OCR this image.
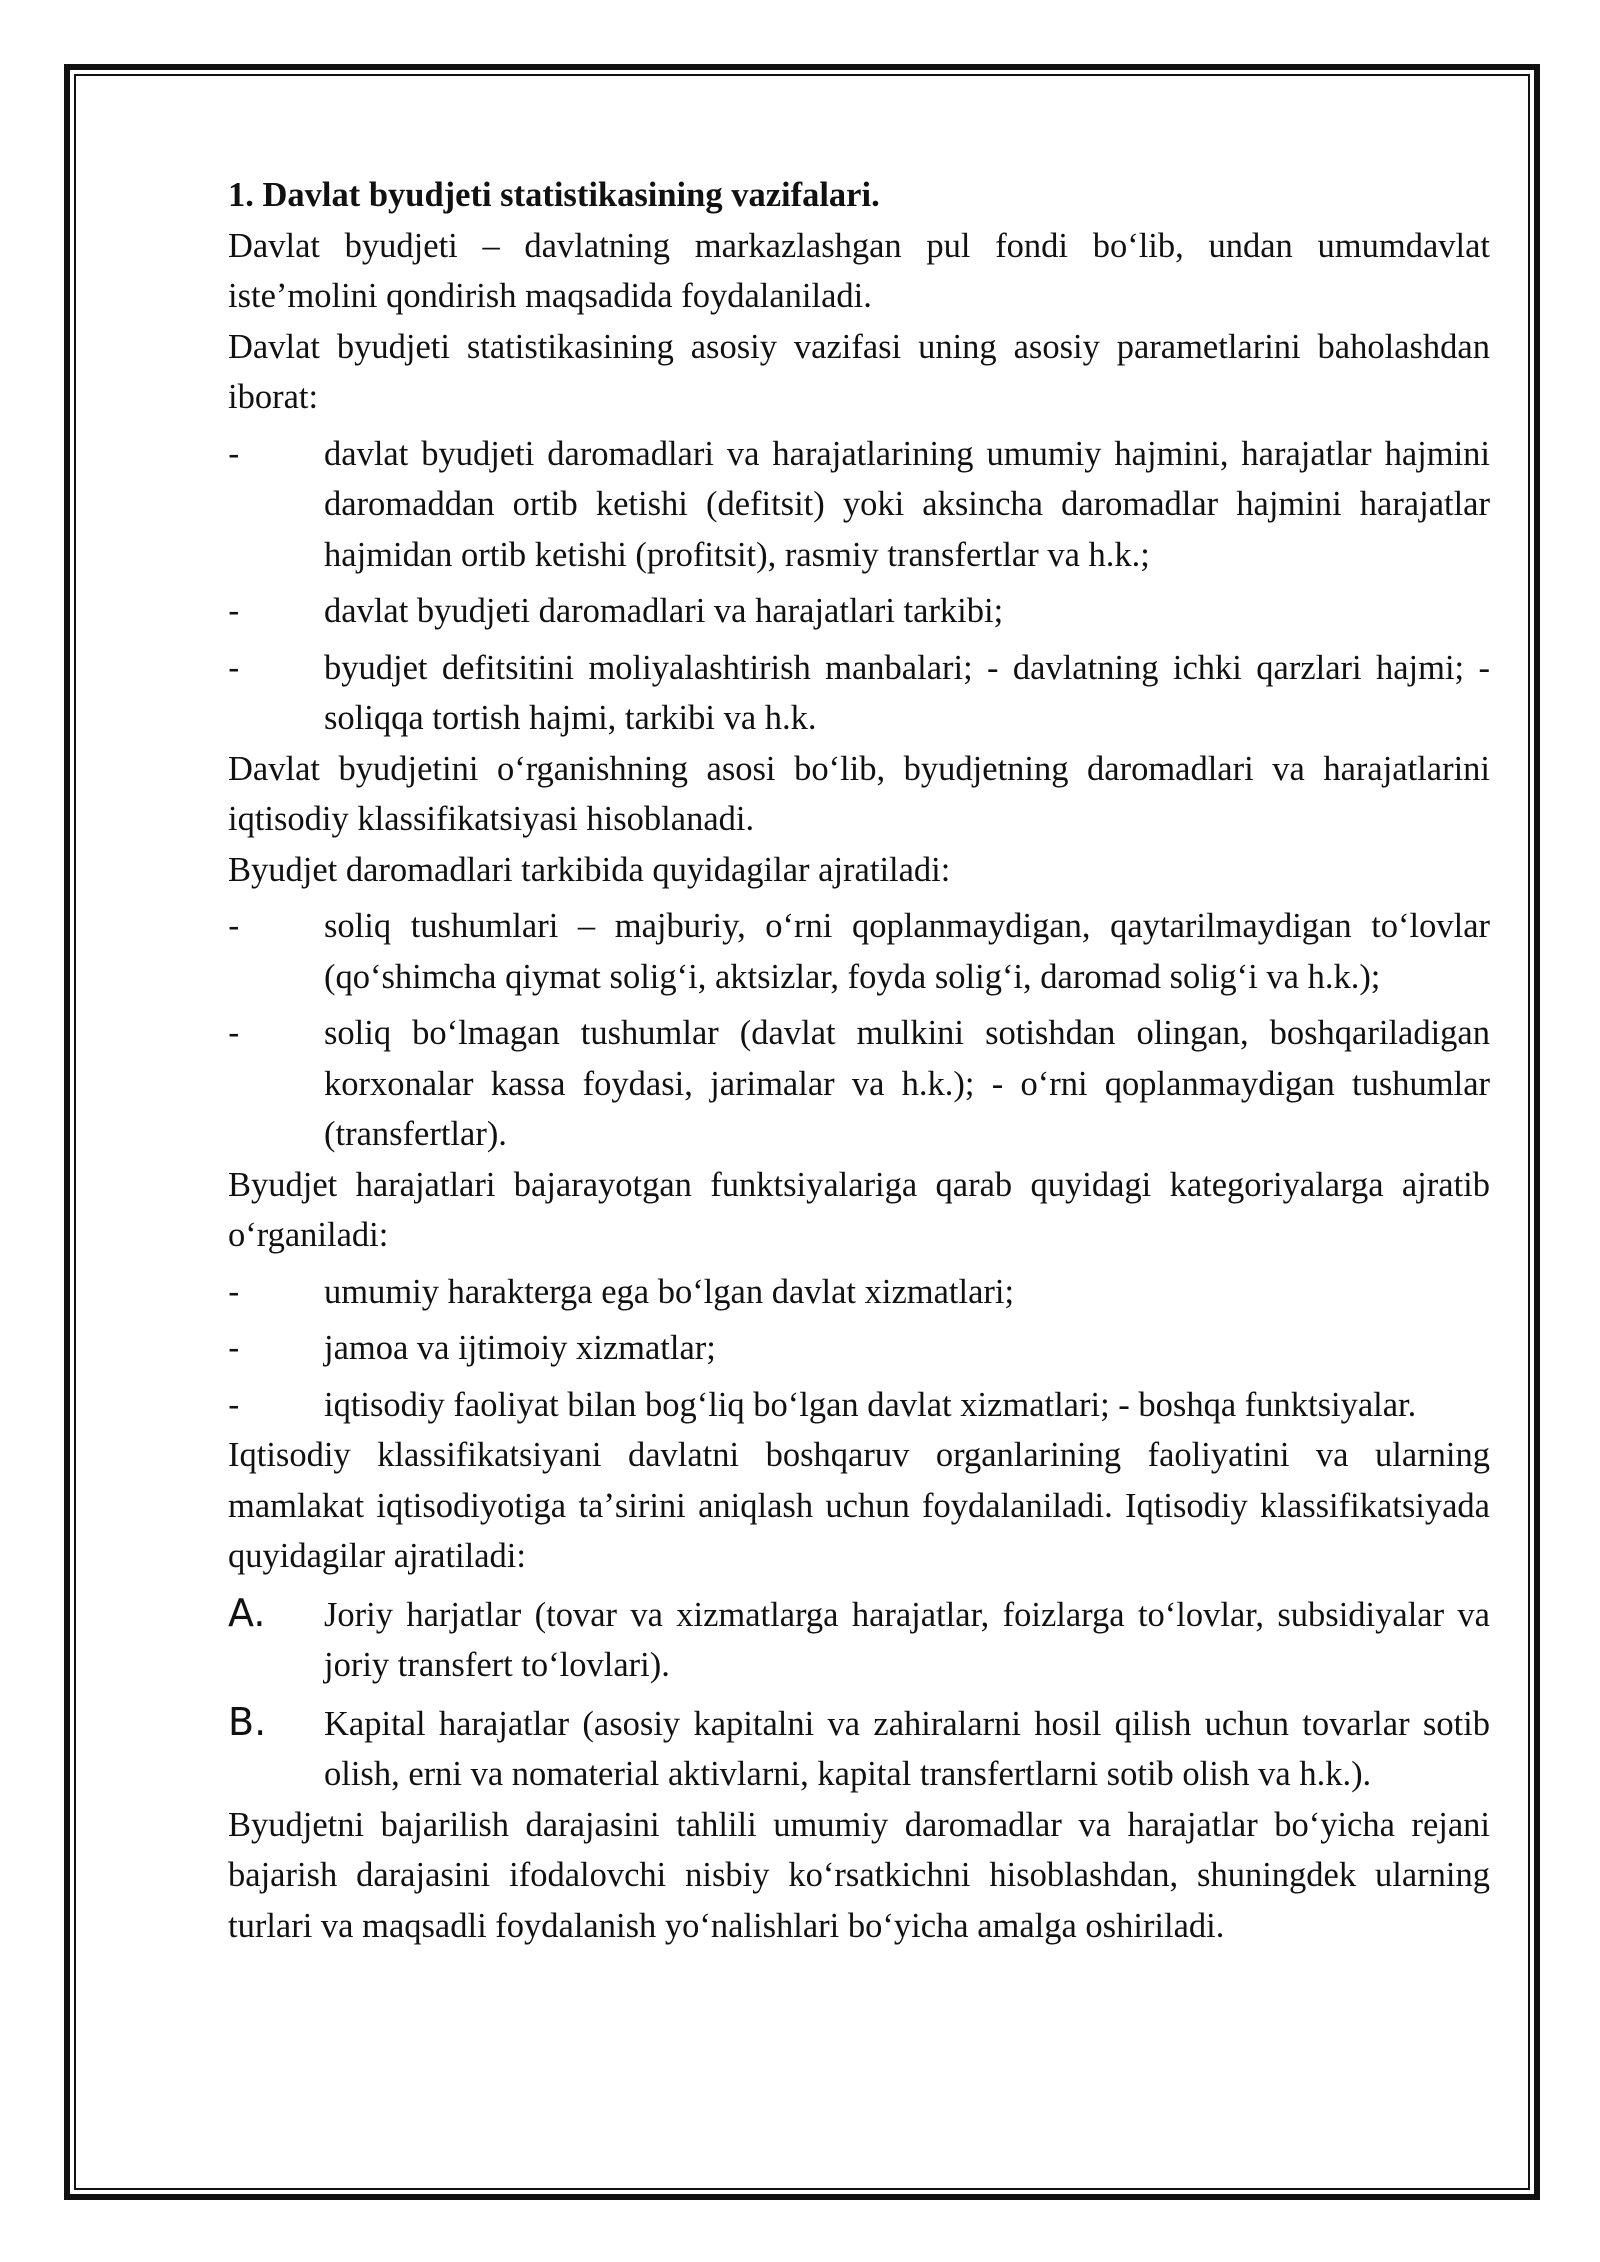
1. Davlat byudjeti statistikasining vazifalari.

Davlat byudjeti – davlatning markazlashgan pul fondi boʻlib, undan umumdavlat isteʼmolini qondirish maqsadida foydalaniladi.

Davlat byudjeti statistikasining asosiy vazifasi uning asosiy parametlarini baholashdan iborat:

- davlat byudjeti daromadlari va harajatlarining umumiy hajmini, harajatlar hajmini daromaddan ortib ketishi (defitsit) yoki aksincha daromadlar hajmini harajatlar hajmidan ortib ketishi (profitsit), rasmiy transfertlar va h.k.;

- davlat byudjeti daromadlari va harajatlari tarkibi;

- byudjet defitsitini moliyalashtirish manbalari; - davlatning ichki qarzlari hajmi; - soliqqa tortish hajmi, tarkibi va h.k.

Davlat byudjetini oʻrganishning asosi boʻlib, byudjetning daromadlari va harajatlarini iqtisodiy klassifikatsiyasi hisoblanadi.

Byudjet daromadlari tarkibida quyidagilar ajratiladi:

- soliq tushumlari – majburiy, oʻrni qoplanmaydigan, qaytarilmaydigan toʻlovlar (qoʻshimcha qiymat soligʻi, aktsizlar, foyda soligʻi, daromad soligʻi va h.k.);

- soliq boʻlmagan tushumlar (davlat mulkini sotishdan olingan, boshqariladigan korxonalar kassa foydasi, jarimalar va h.k.); - oʻrni qoplanmaydigan tushumlar (transfertlar).

Byudjet harajatlari bajarayotgan funktsiyalariga qarab quyidagi kategoriyalarga ajratib oʻrganiladi:

- umumiy harakterga ega boʻlgan davlat xizmatlari;

- jamoa va ijtimoiy xizmatlar;

- iqtisodiy faoliyat bilan bogʻliq boʻlgan davlat xizmatlari; - boshqa funktsiyalar.

Iqtisodiy klassifikatsiyani davlatni boshqaruv organlarining faoliyatini va ularning mamlakat iqtisodiyotiga taʼsirini aniqlash uchun foydalaniladi. Iqtisodiy klassifikatsiyada quyidagilar ajratiladi:

A. Joriy harjatlar (tovar va xizmatlarga harajatlar, foizlarga toʻlovlar, subsidiyalar va joriy transfert toʻlovlari).

B. Kapital harajatlar (asosiy kapitalni va zahiralarni hosil qilish uchun tovarlar sotib olish, erni va nomaterial aktivlarni, kapital transfertlarni sotib olish va h.k.).

Byudjetni bajarilish darajasini tahlili umumiy daromadlar va harajatlar boʻyicha rejani bajarish darajasini ifodalovchi nisbiy koʻrsatkichni hisoblashdan, shuningdek ularning turlari va maqsadli foydalanish yoʻnalishlari boʻyicha amalga oshiriladi.
